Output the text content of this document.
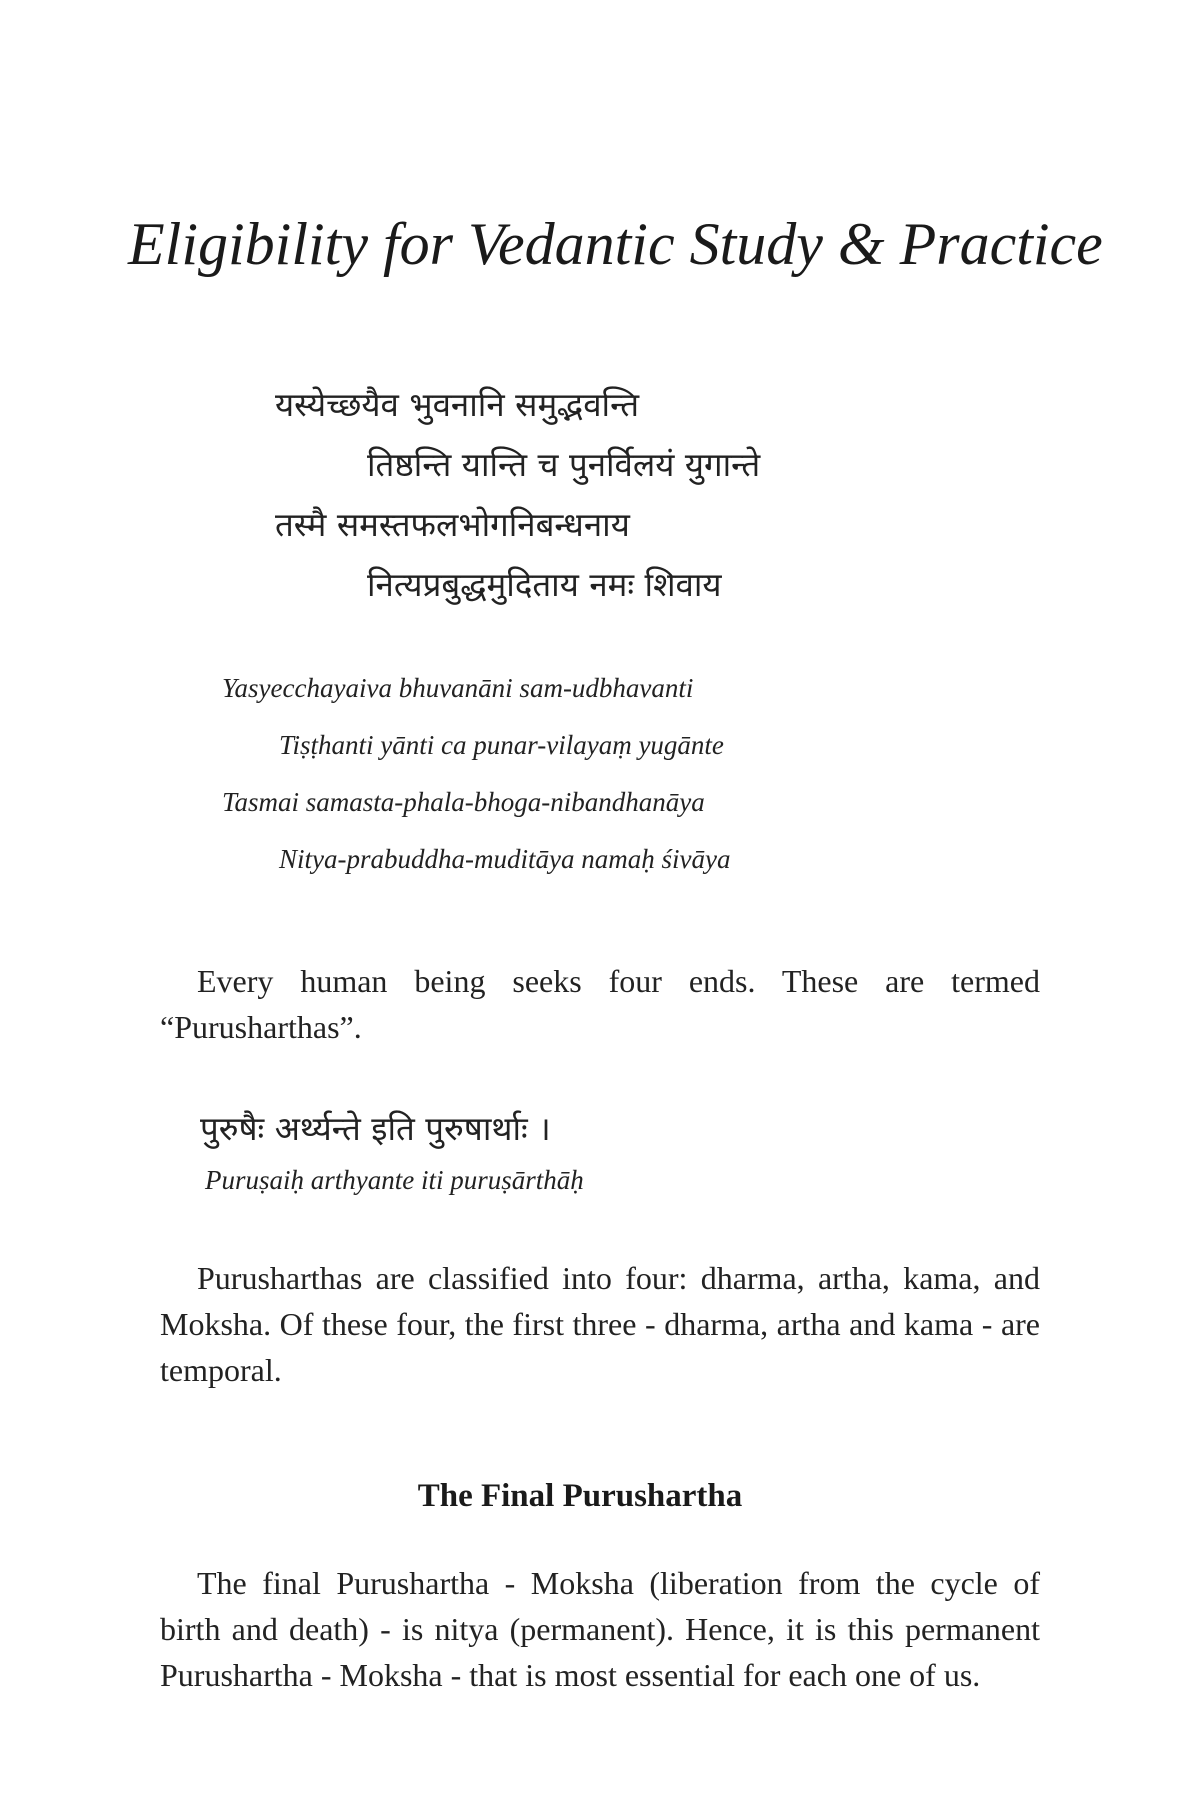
Eligibility for Vedantic Study & Practice
यस्येच्छयैव भुवनानि समुद्भवन्ति
तिष्ठन्ति यान्ति च पुनर्विलयं युगान्ते
तस्मै समस्तफलभोगनिबन्धनाय
नित्यप्रबुद्धमुदिताय नमः शिवाय
Yasyecchayaiva bhuvanāni sam-udbhavanti
Tiṣṭhanti yānti ca punar-vilayaṃ yugānte
Tasmai samasta-phala-bhoga-nibandhanāya
Nitya-prabuddha-muditāya namaḥ śivāya
Every human being seeks four ends. These are termed “Purusharthas”.
पुरुषैः अर्थ्यन्ते इति पुरुषार्थाः ।
Puruṣaiḥ arthyante iti puruṣārthāḥ
Purusharthas are classified into four: dharma, artha, kama, and Moksha. Of these four, the first three - dharma, artha and kama - are temporal.
The Final Purushartha
The final Purushartha - Moksha (liberation from the cycle of birth and death) - is nitya (permanent). Hence, it is this permanent Purushartha - Moksha - that is most essential for each one of us.
